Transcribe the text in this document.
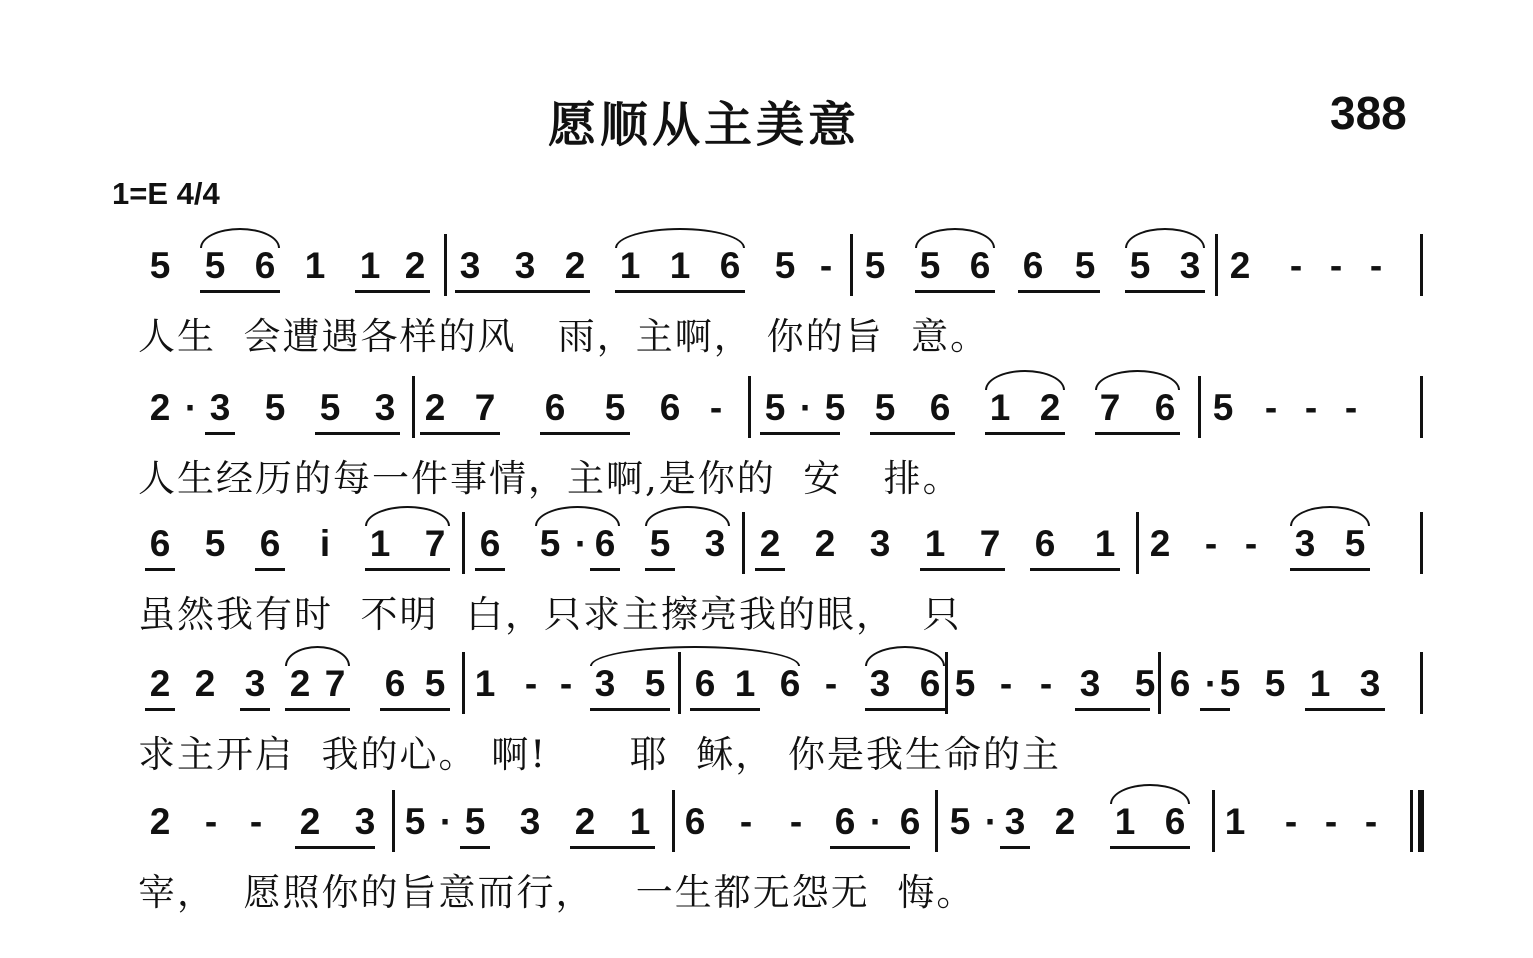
愿顺从主美意	388
1=E 4/4
5 5 6 1 1 2 3 3 2 1 1 6 5 - 5 5 6 6 5 5 3 2 - - -
人生  会遭遇各样的风   雨，主啊， 你的旨  意。
2 · 3 5 5 3 2 7 6 5 6 - 5 · 5 5 6 1 2 7 6 5 - - -
人生经历的每一件事情，主啊,是你的  安   排。
6 5 6 i 1 7 6 5 · 6 5 3 2 2 3 1 7 6 1 2 - - 3 5
虽然我有时  不明  白，只求主擦亮我的眼，  只
2 2 3 2 7 6 5 1 - - 3 5 6 1 6 - 3 6 5 - - 3 5 6 · 5 5 1 3
求主开启  我的心。 啊!      耶  稣， 你是我生命的主
2 - - 2 3 5 · 5 3 2 1 6 - - 6 · 6 5 · 3 2 1 6 1 - - -
宰，  愿照你的旨意而行，   一生都无怨无  悔。
